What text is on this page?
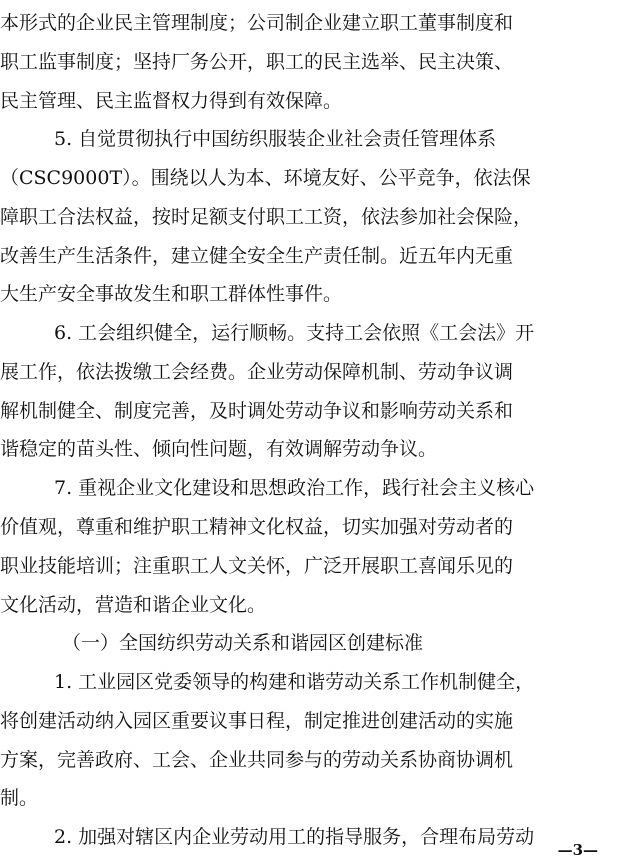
本形式的企业民主管理制度；公司制企业建立职工董事制度和
职工监事制度；坚持厂务公开，职工的民主选举、民主决策、
民主管理、民主监督权力得到有效保障。
5. 自觉贯彻执行中国纺织服装企业社会责任管理体系
（CSC9000T）。围绕以人为本、环境友好、公平竞争，依法保
障职工合法权益，按时足额支付职工工资，依法参加社会保险，
改善生产生活条件，建立健全安全生产责任制。近五年内无重
大生产安全事故发生和职工群体性事件。
6. 工会组织健全，运行顺畅。支持工会依照《工会法》开
展工作，依法拨缴工会经费。企业劳动保障机制、劳动争议调
解机制健全、制度完善，及时调处劳动争议和影响劳动关系和
谐稳定的苗头性、倾向性问题，有效调解劳动争议。
7. 重视企业文化建设和思想政治工作，践行社会主义核心
价值观，尊重和维护职工精神文化权益，切实加强对劳动者的
职业技能培训；注重职工人文关怀，广泛开展职工喜闻乐见的
文化活动，营造和谐企业文化。
（一）全国纺织劳动关系和谐园区创建标准
1. 工业园区党委领导的构建和谐劳动关系工作机制健全，
将创建活动纳入园区重要议事日程，制定推进创建活动的实施
方案，完善政府、工会、企业共同参与的劳动关系协商协调机
制。
2. 加强对辖区内企业劳动用工的指导服务，合理布局劳动
—3—
